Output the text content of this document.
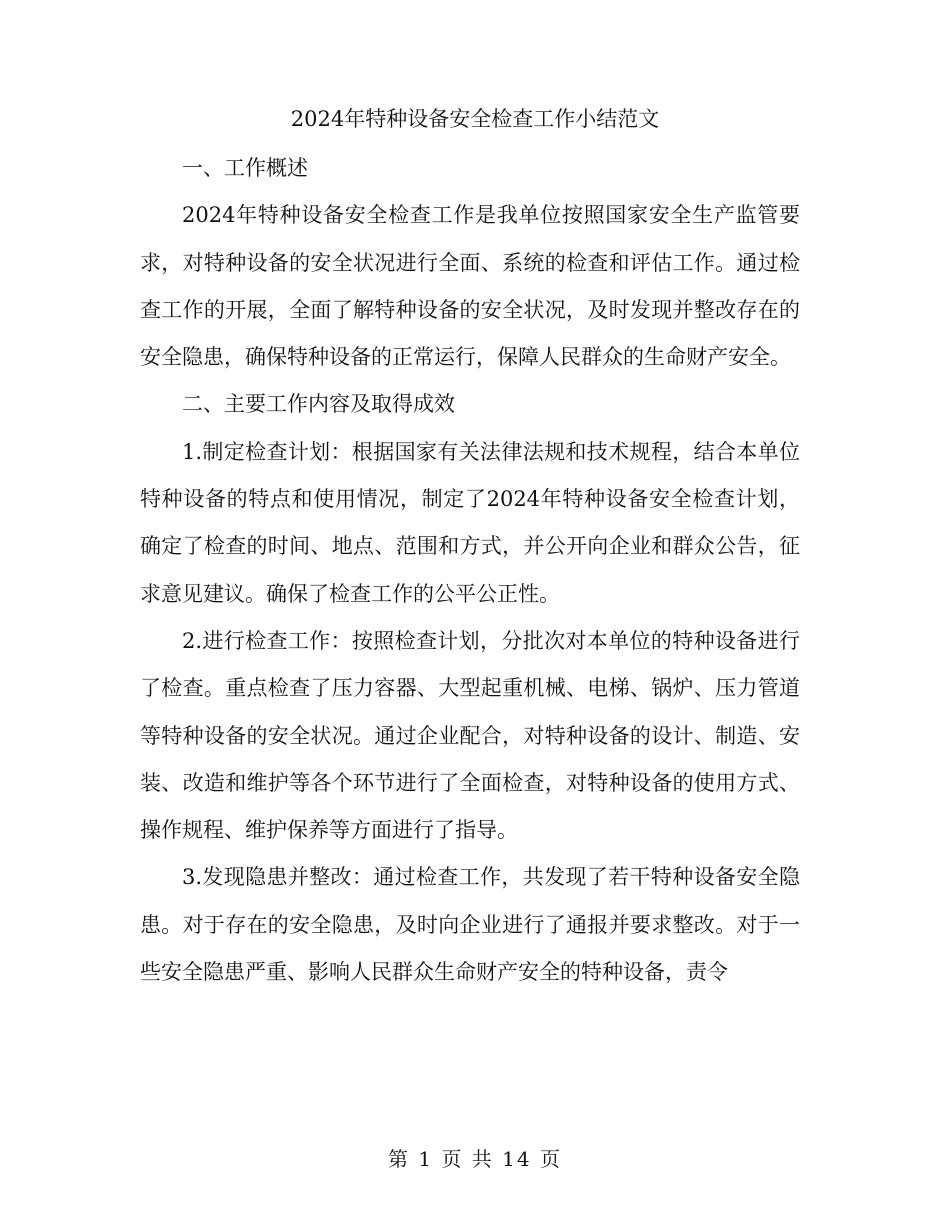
2024年特种设备安全检查工作小结范文

一、工作概述

2024年特种设备安全检查工作是我单位按照国家安全生产监管要求，对特种设备的安全状况进行全面、系统的检查和评估工作。通过检查工作的开展，全面了解特种设备的安全状况，及时发现并整改存在的安全隐患，确保特种设备的正常运行，保障人民群众的生命财产安全。

二、主要工作内容及取得成效

1.制定检查计划：根据国家有关法律法规和技术规程，结合本单位特种设备的特点和使用情况，制定了2024年特种设备安全检查计划，确定了检查的时间、地点、范围和方式，并公开向企业和群众公告，征求意见建议。确保了检查工作的公平公正性。

2.进行检查工作：按照检查计划，分批次对本单位的特种设备进行了检查。重点检查了压力容器、大型起重机械、电梯、锅炉、压力管道等特种设备的安全状况。通过企业配合，对特种设备的设计、制造、安装、改造和维护等各个环节进行了全面检查，对特种设备的使用方式、操作规程、维护保养等方面进行了指导。

3.发现隐患并整改：通过检查工作，共发现了若干特种设备安全隐患。对于存在的安全隐患，及时向企业进行了通报并要求整改。对于一些安全隐患严重、影响人民群众生命财产安全的特种设备，责令

第 1 页 共 14 页
